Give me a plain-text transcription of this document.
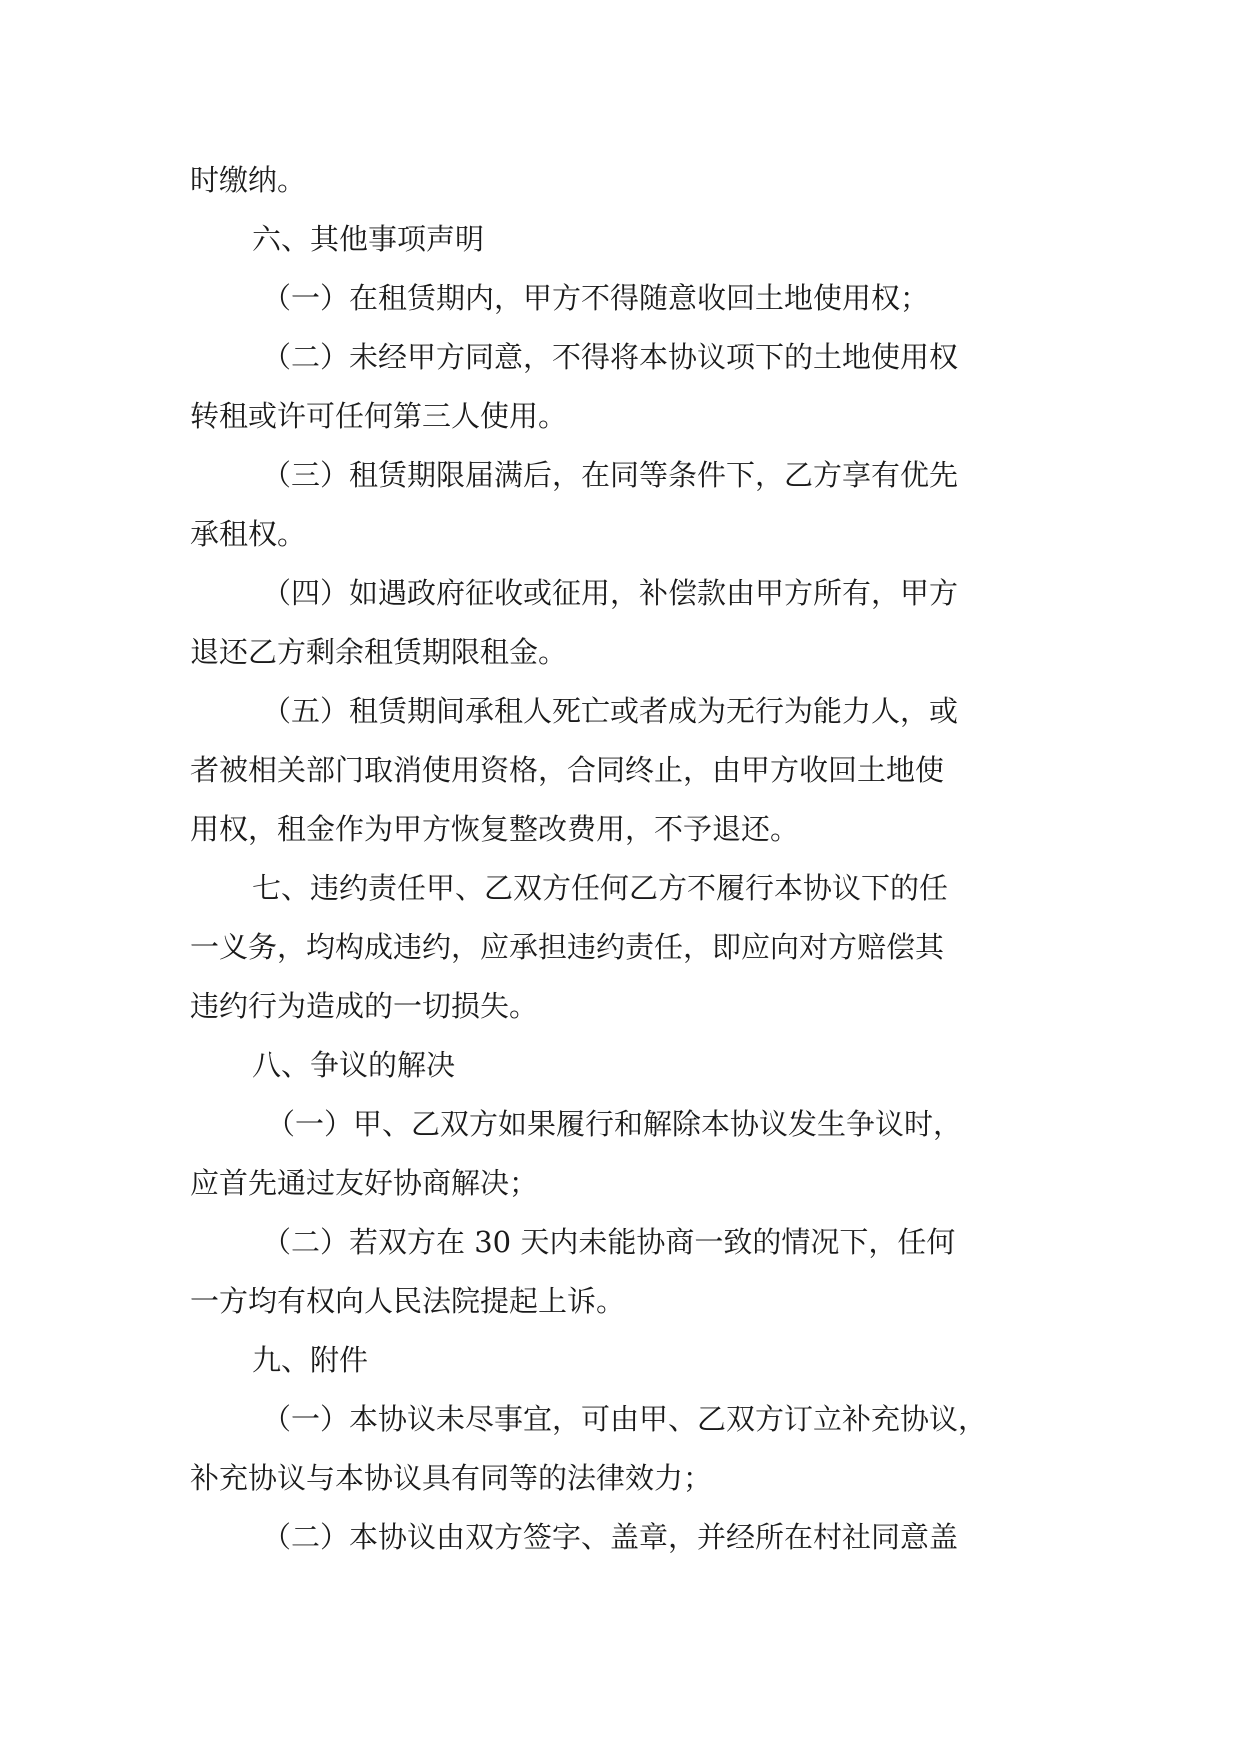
时缴纳。
六、其他事项声明
（一）在租赁期内，甲方不得随意收回土地使用权；
（二）未经甲方同意，不得将本协议项下的土地使用权
转租或许可任何第三人使用。
（三）租赁期限届满后，在同等条件下，乙方享有优先
承租权。
（四）如遇政府征收或征用，补偿款由甲方所有，甲方
退还乙方剩余租赁期限租金。
（五）租赁期间承租人死亡或者成为无行为能力人，或
者被相关部门取消使用资格，合同终止，由甲方收回土地使
用权，租金作为甲方恢复整改费用，不予退还。
七、违约责任甲、乙双方任何乙方不履行本协议下的任
一义务，均构成违约，应承担违约责任，即应向对方赔偿其
违约行为造成的一切损失。
八、争议的解决
（一）甲、乙双方如果履行和解除本协议发生争议时，
应首先通过友好协商解决；
（二）若双方在 30 天内未能协商一致的情况下，任何
一方均有权向人民法院提起上诉。
九、附件
（一）本协议未尽事宜，可由甲、乙双方订立补充协议，
补充协议与本协议具有同等的法律效力；
（二）本协议由双方签字、盖章，并经所在村社同意盖
